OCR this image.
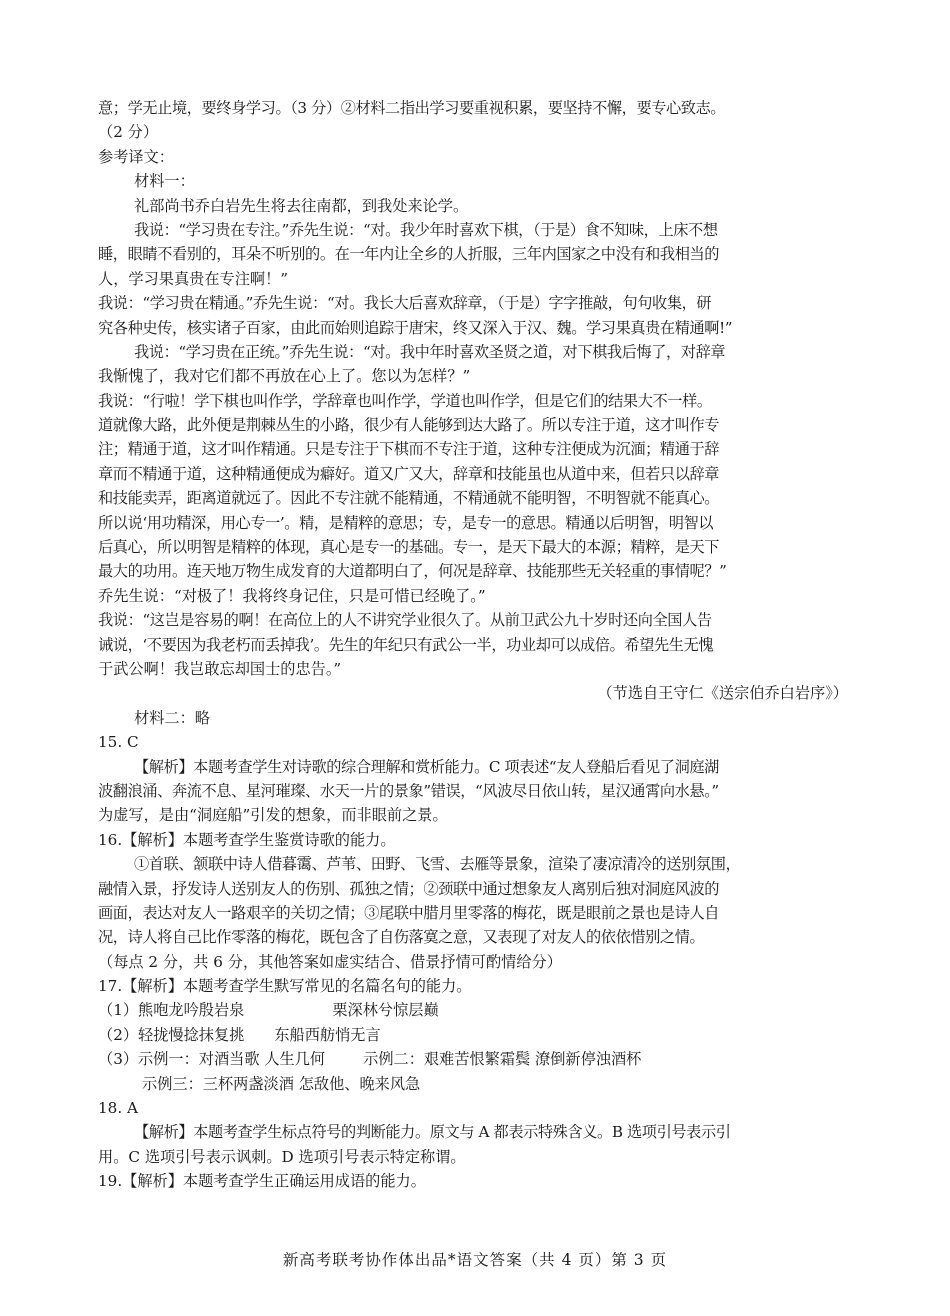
意；学无止境，要终身学习。（3 分）②材料二指出学习要重视积累，要坚持不懈，要专心致志。
（2 分）
参考译文：
材料一：
礼部尚书乔白岩先生将去往南都，到我处来论学。
我说：“学习贵在专注。”乔先生说：“对。我少年时喜欢下棋，（于是）食不知味，上床不想
睡，眼睛不看别的，耳朵不听别的。在一年内让全乡的人折服，三年内国家之中没有和我相当的
人，学习果真贵在专注啊！”
我说：“学习贵在精通。”乔先生说：“对。我长大后喜欢辞章，（于是）字字推敲，句句收集，研
究各种史传，核实诸子百家，由此而始则追踪于唐宋，终又深入于汉、魏。学习果真贵在精通啊!”
我说：“学习贵在正统。”乔先生说：“对。我中年时喜欢圣贤之道，对下棋我后悔了，对辞章
我惭愧了，我对它们都不再放在心上了。您以为怎样？”
我说：“行啦！学下棋也叫作学，学辞章也叫作学，学道也叫作学，但是它们的结果大不一样。
道就像大路，此外便是荆棘丛生的小路，很少有人能够到达大路了。所以专注于道，这才叫作专
注；精通于道，这才叫作精通。只是专注于下棋而不专注于道，这种专注便成为沉湎；精通于辞
章而不精通于道，这种精通便成为癖好。道又广又大，辞章和技能虽也从道中来，但若只以辞章
和技能卖弄，距离道就远了。因此不专注就不能精通，不精通就不能明智，不明智就不能真心。
所以说‘用功精深，用心专一’。精，是精粹的意思；专，是专一的意思。精通以后明智，明智以
后真心，所以明智是精粹的体现，真心是专一的基础。专一，是天下最大的本源；精粹，是天下
最大的功用。连天地万物生成发育的大道都明白了，何况是辞章、技能那些无关轻重的事情呢？”
乔先生说：“对极了！我将终身记住，只是可惜已经晚了。”
我说：“这岂是容易的啊！在高位上的人不讲究学业很久了。从前卫武公九十岁时还向全国人告
诫说，‘不要因为我老朽而丢掉我’。先生的年纪只有武公一半，功业却可以成倍。希望先生无愧
于武公啊！我岂敢忘却国士的忠告。”
（节选自王守仁《送宗伯乔白岩序》）
材料二：略
15. C
【解析】本题考查学生对诗歌的综合理解和赏析能力。C 项表述“友人登船后看见了洞庭湖
波翻浪涌、奔流不息、星河璀璨、水天一片的景象”错误，“风波尽日依山转，星汉通霄向水悬。”
为虚写，是由“洞庭船”引发的想象，而非眼前之景。
16.【解析】本题考查学生鉴赏诗歌的能力。
①首联、颔联中诗人借暮霭、芦苇、田野、飞雪、去雁等景象，渲染了凄凉清冷的送别氛围，
融情入景，抒发诗人送别友人的伤别、孤独之情；②颈联中通过想象友人离别后独对洞庭风波的
画面，表达对友人一路艰辛的关切之情；③尾联中腊月里零落的梅花，既是眼前之景也是诗人自
况，诗人将自己比作零落的梅花，既包含了自伤落寞之意，又表现了对友人的依依惜别之情。
（每点 2 分，共 6 分，其他答案如虚实结合、借景抒情可酌情给分）
17.【解析】本题考查学生默写常见的名篇名句的能力。
（1）熊咆龙吟殷岩泉	栗深林兮惊层巅
（2）轻拢慢捻抹复挑 东船西舫悄无言
（3）示例一：对酒当歌 人生几何	示例二：艰难苦恨繁霜鬓 潦倒新停浊酒杯
示例三：三杯两盏淡酒 怎敌他、晚来风急
18. A
【解析】本题考查学生标点符号的判断能力。原文与 A 都表示特殊含义。B 选项引号表示引
用。C 选项引号表示讽刺。D 选项引号表示特定称谓。
19.【解析】本题考查学生正确运用成语的能力。
新高考联考协作体出品*语文答案（共 4 页）第 3 页
